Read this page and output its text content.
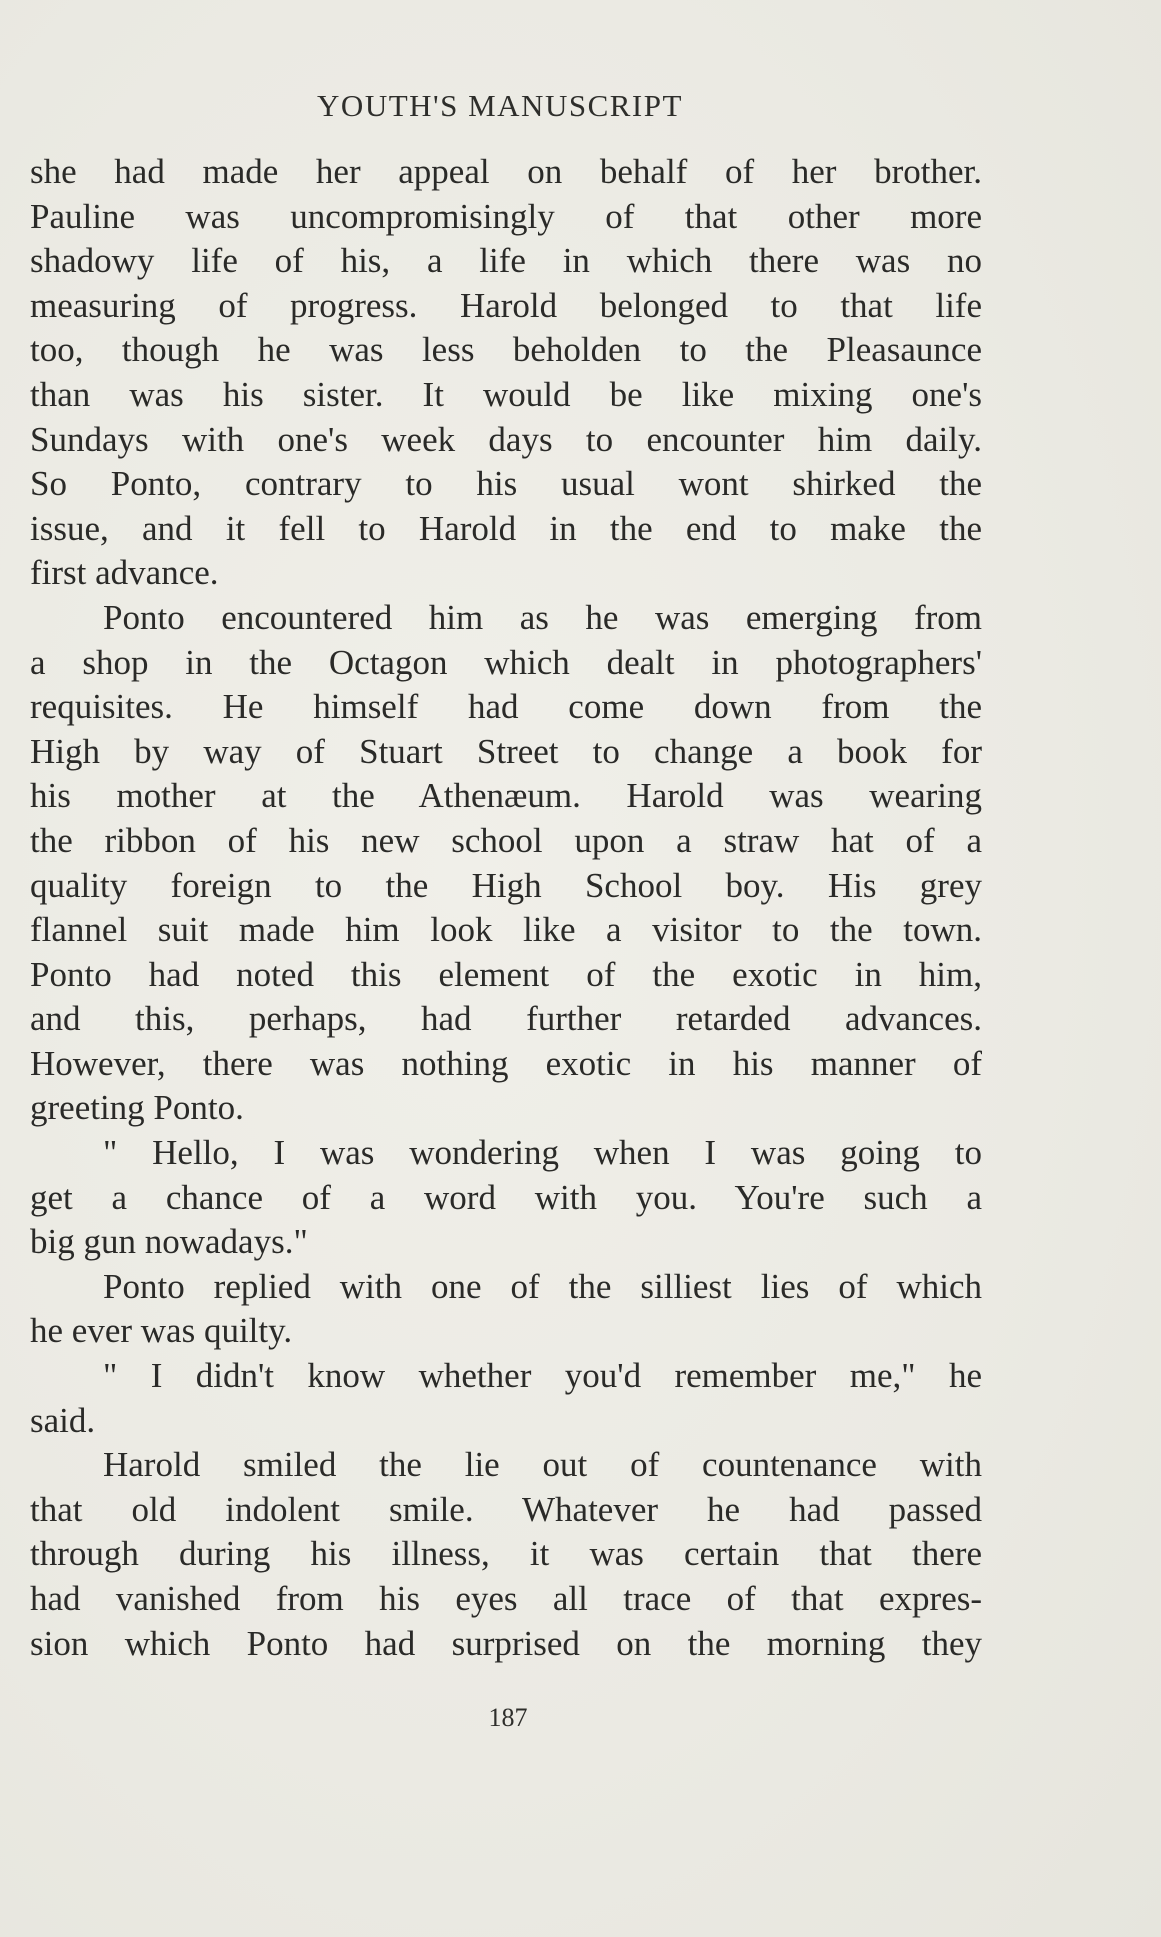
YOUTH'S MANUSCRIPT
she had made her appeal on behalf of her brother.
Pauline was uncompromisingly of that other more
shadowy life of his, a life in which there was no
measuring of progress. Harold belonged to that life
too, though he was less beholden to the Pleasaunce
than was his sister. It would be like mixing one's
Sundays with one's week days to encounter him daily.
So Ponto, contrary to his usual wont shirked the
issue, and it fell to Harold in the end to make the
first advance.
Ponto encountered him as he was emerging from
a shop in the Octagon which dealt in photographers'
requisites. He himself had come down from the
High by way of Stuart Street to change a book for
his mother at the Athenæum. Harold was wearing
the ribbon of his new school upon a straw hat of a
quality foreign to the High School boy. His grey
flannel suit made him look like a visitor to the town.
Ponto had noted this element of the exotic in him,
and this, perhaps, had further retarded advances.
However, there was nothing exotic in his manner of
greeting Ponto.
" Hello, I was wondering when I was going to
get a chance of a word with you. You're such a
big gun nowadays."
Ponto replied with one of the silliest lies of which
he ever was quilty.
" I didn't know whether you'd remember me," he
said.
Harold smiled the lie out of countenance with
that old indolent smile. Whatever he had passed
through during his illness, it was certain that there
had vanished from his eyes all trace of that expres-
sion which Ponto had surprised on the morning they
187
